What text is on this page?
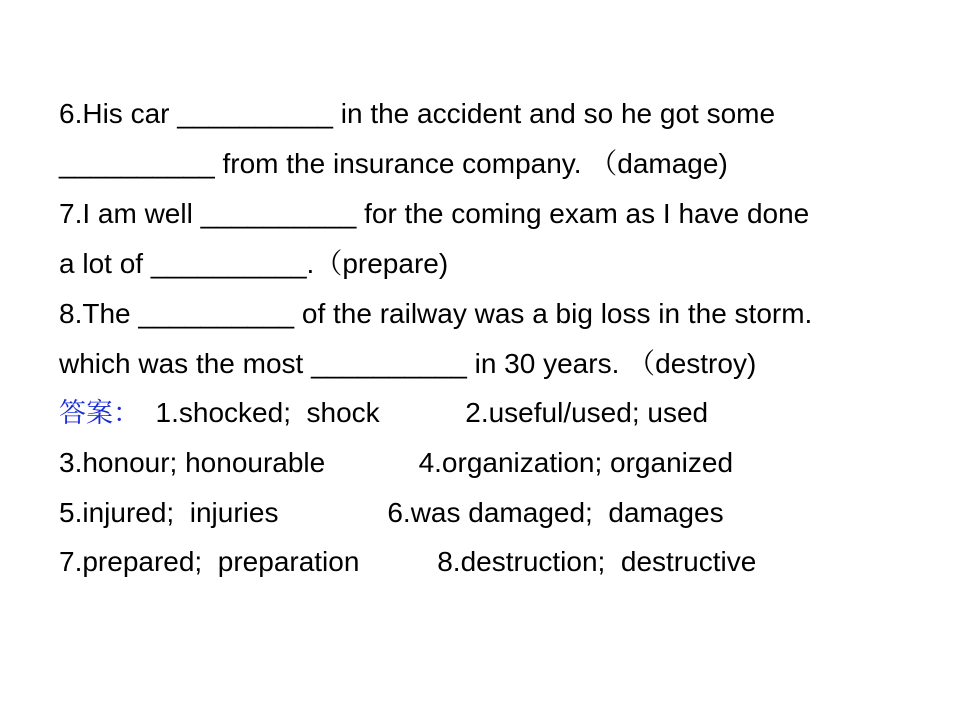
6.His car __________ in the accident and so he got some
__________ from the insurance company. （damage)
7.I am well __________ for the coming exam as I have done
a lot of __________.（prepare)
8.The __________ of the railway was a big loss in the storm.
which was the most __________ in 30 years. （destroy)
答案：  1.shocked;  shock           2.useful/used; used
3.honour; honourable            4.organization; organized
5.injured;  injuries              6.was damaged;  damages
7.prepared;  preparation          8.destruction;  destructive
